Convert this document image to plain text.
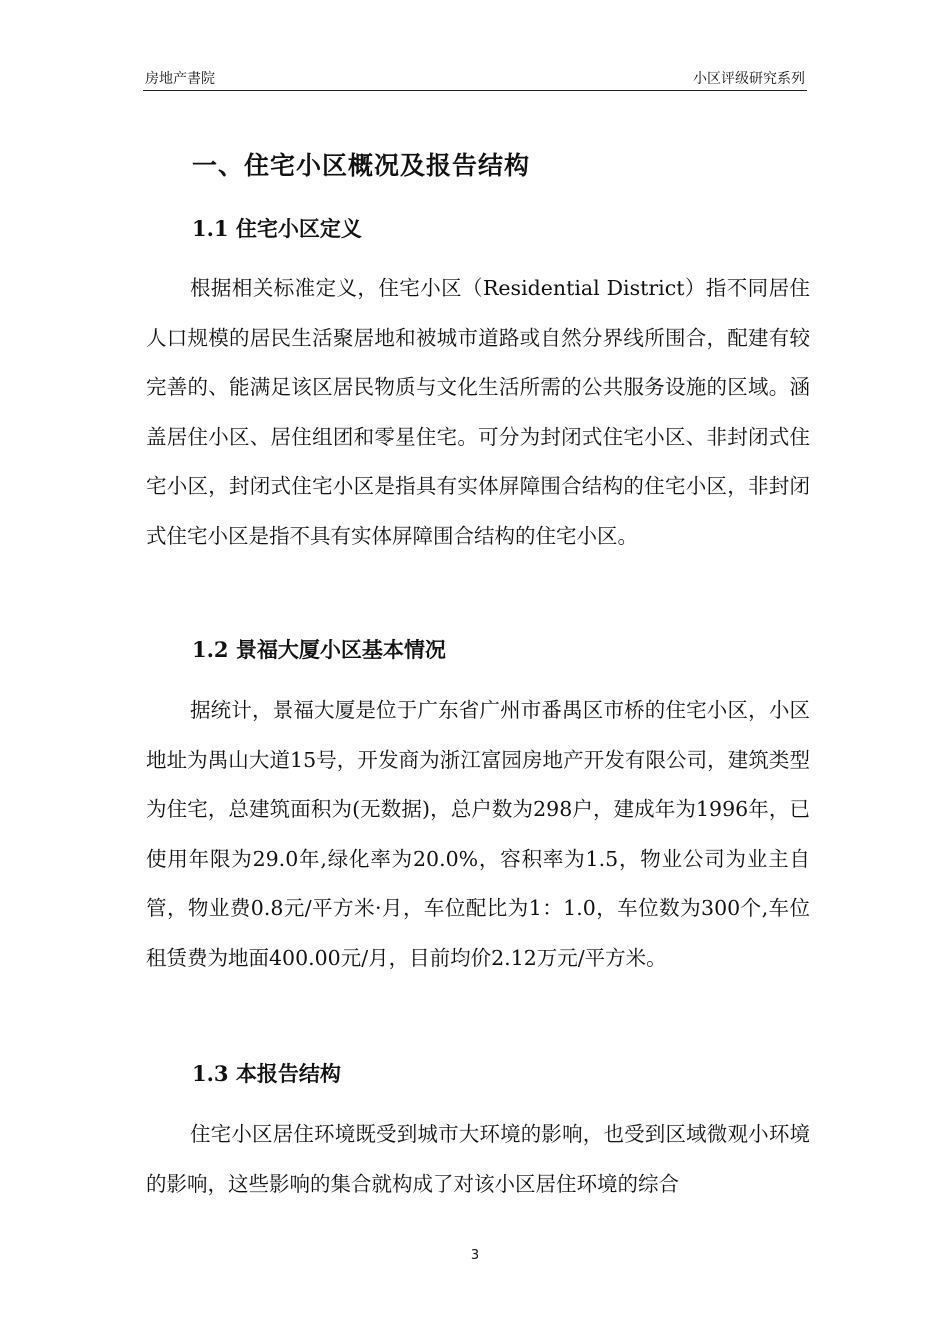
房地产書院	小区评级研究系列
一、住宅小区概况及报告结构
1.1 住宅小区定义

根据相关标准定义，住宅小区（Residential District）指不同居住人口规模的居民生活聚居地和被城市道路或自然分界线所围合，配建有较完善的、能满足该区居民物质与文化生活所需的公共服务设施的区域。涵盖居住小区、居住组团和零星住宅。可分为封闭式住宅小区、非封闭式住宅小区，封闭式住宅小区是指具有实体屏障围合结构的住宅小区，非封闭式住宅小区是指不具有实体屏障围合结构的住宅小区。

1.2 景福大厦小区基本情况

据统计，景福大厦是位于广东省广州市番禺区市桥的住宅小区，小区地址为禺山大道15号，开发商为浙江富园房地产开发有限公司，建筑类型为住宅，总建筑面积为(无数据)，总户数为298户，建成年为1996年，已使用年限为29.0年,绿化率为20.0%，容积率为1.5，物业公司为业主自管，物业费0.8元/平方米·月，车位配比为1：1.0，车位数为300个,车位租赁费为地面400.00元/月，目前均价2.12万元/平方米。

1.3 本报告结构

住宅小区居住环境既受到城市大环境的影响，也受到区域微观小环境的影响，这些影响的集合就构成了对该小区居住环境的综合

3
